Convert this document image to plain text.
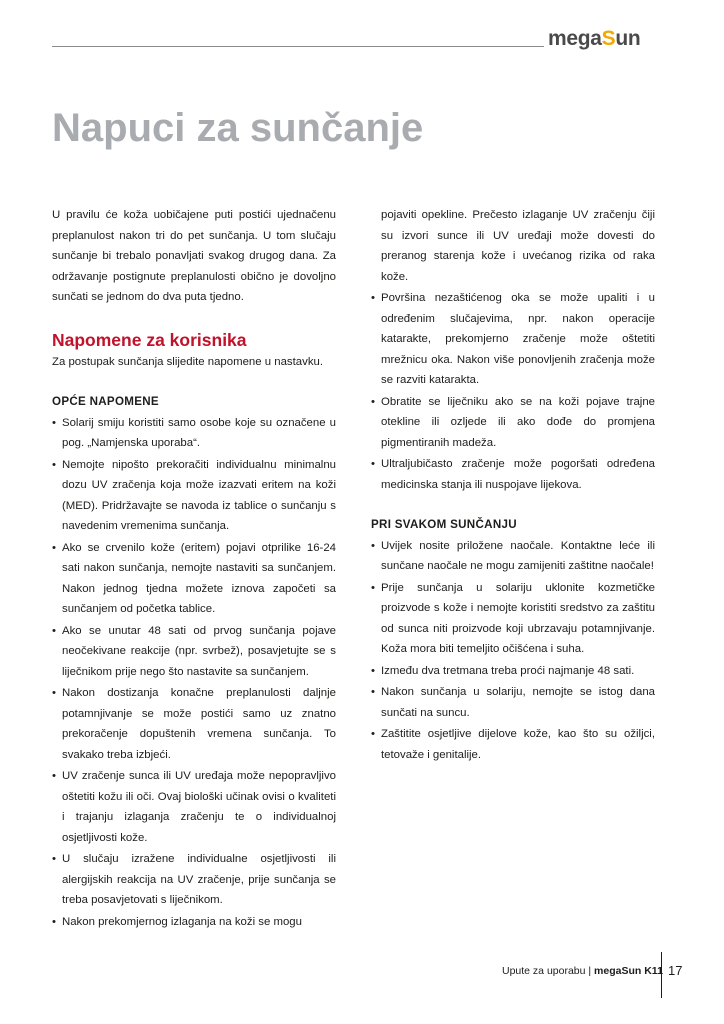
megaSun
Napuci za sunčanje

U pravilu će koža uobičajene puti postići ujednačenu preplanulost nakon tri do pet sunčanja. U tom slučaju sunčanje bi trebalo ponavljati svakog drugog dana. Za održavanje postignute preplanulosti obično je dovoljno sunčati se jednom do dva puta tjedno.

Napomene za korisnika

Za postupak sunčanja slijedite napomene u nastavku.

OPĆE NAPOMENE
• Solarij smiju koristiti samo osobe koje su označene u pog. „Namjenska uporaba“.
• Nemojte nipošto prekoračiti individualnu minimalnu dozu UV zračenja koja može izazvati eritem na koži (MED). Pridržavajte se navoda iz tablice o sunčanju s navedenim vremenima sunčanja.
• Ako se crvenilo kože (eritem) pojavi otprilike 16-24 sati nakon sunčanja, nemojte nastaviti sa sunčanjem. Nakon jednog tjedna možete iznova započeti sa sunčanjem od početka tablice.
• Ako se unutar 48 sati od prvog sunčanja pojave neočekivane reakcije (npr. svrbež), posavjetujte se s liječnikom prije nego što nastavite sa sunčanjem.
• Nakon dostizanja konačne preplanulosti daljnje potamnjivanje se može postići samo uz znatno prekoračenje dopuštenih vremena sunčanja. To svakako treba izbjeći.
• UV zračenje sunca ili UV uređaja može nepopravljivo oštetiti kožu ili oči. Ovaj biološki učinak ovisi o kvaliteti i trajanju izlaganja zračenju te o individualnoj osjetljivosti kože.
• U slučaju izražene individualne osjetljivosti ili alergijskih reakcija na UV zračenje, prije sunčanja se treba posavjetovati s liječnikom.
• Nakon prekomjernog izlaganja na koži se mogu
pojaviti opekline. Prečesto izlaganje UV zračenju čiji su izvori sunce ili UV uređaji može dovesti do preranog starenja kože i uvećanog rizika od raka kože.
• Površina nezaštićenog oka se može upaliti i u određenim slučajevima, npr. nakon operacije katarakte, prekomjerno zračenje može oštetiti mrežnicu oka. Nakon više ponovljenih zračenja može se razviti katarakta.
• Obratite se liječniku ako se na koži pojave trajne otekline ili ozljede ili ako dođe do promjena pigmentiranih madeža.
• Ultraljubičasto zračenje može pogoršati određena medicinska stanja ili nuspojave lijekova.
PRI SVAKOM SUNČANJU
• Uvijek nosite priložene naočale. Kontaktne leće ili sunčane naočale ne mogu zamijeniti zaštitne naočale!
• Prije sunčanja u solariju uklonite kozmetičke proizvode s kože i nemojte koristiti sredstvo za zaštitu od sunca niti proizvode koji ubrzavaju potamnjivanje. Koža mora biti temeljito očišćena i suha.
• Između dva tretmana treba proći najmanje 48 sati.
• Nakon sunčanja u solariju, nemojte se istog dana sunčati na suncu.
• Zaštitite osjetljive dijelove kože, kao što su ožiljci, tetovaže i genitalije.
Upute za uporabu | megaSun K11 17
